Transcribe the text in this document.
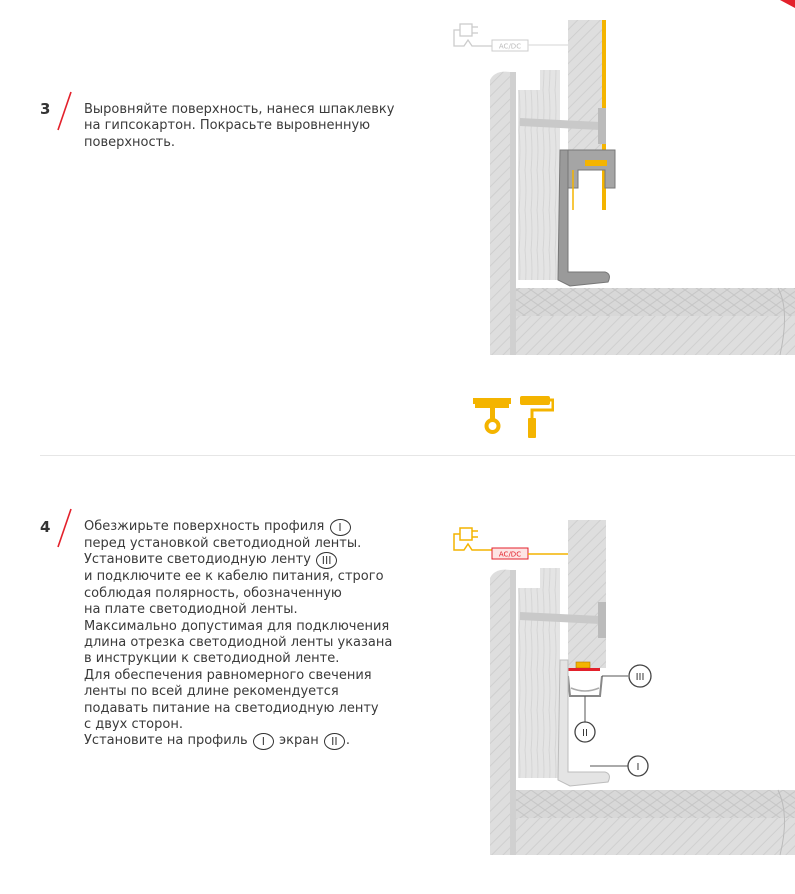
3	Выровняйте поверхность, нанеся шпаклевку
на гипсокартон. Покрасьте выровненную
поверхность.
AC/DC
4	Обезжирьте поверхность профиля I
перед установкой светодиодной ленты.
Установите светодиодную ленту III
и подключите ее к кабелю питания, строго
соблюдая полярность, обозначенную
на плате светодиодной ленты.
Максимально допустимая для подключения
длина отрезка светодиодной ленты указана
в инструкции к светодиодной ленте.
Для обеспечения равномерного свечения
ленты по всей длине рекомендуется
подавать питание на светодиодную ленту
с двух сторон.
Установите на профиль I экран II .
AC/DC
III
II
I
